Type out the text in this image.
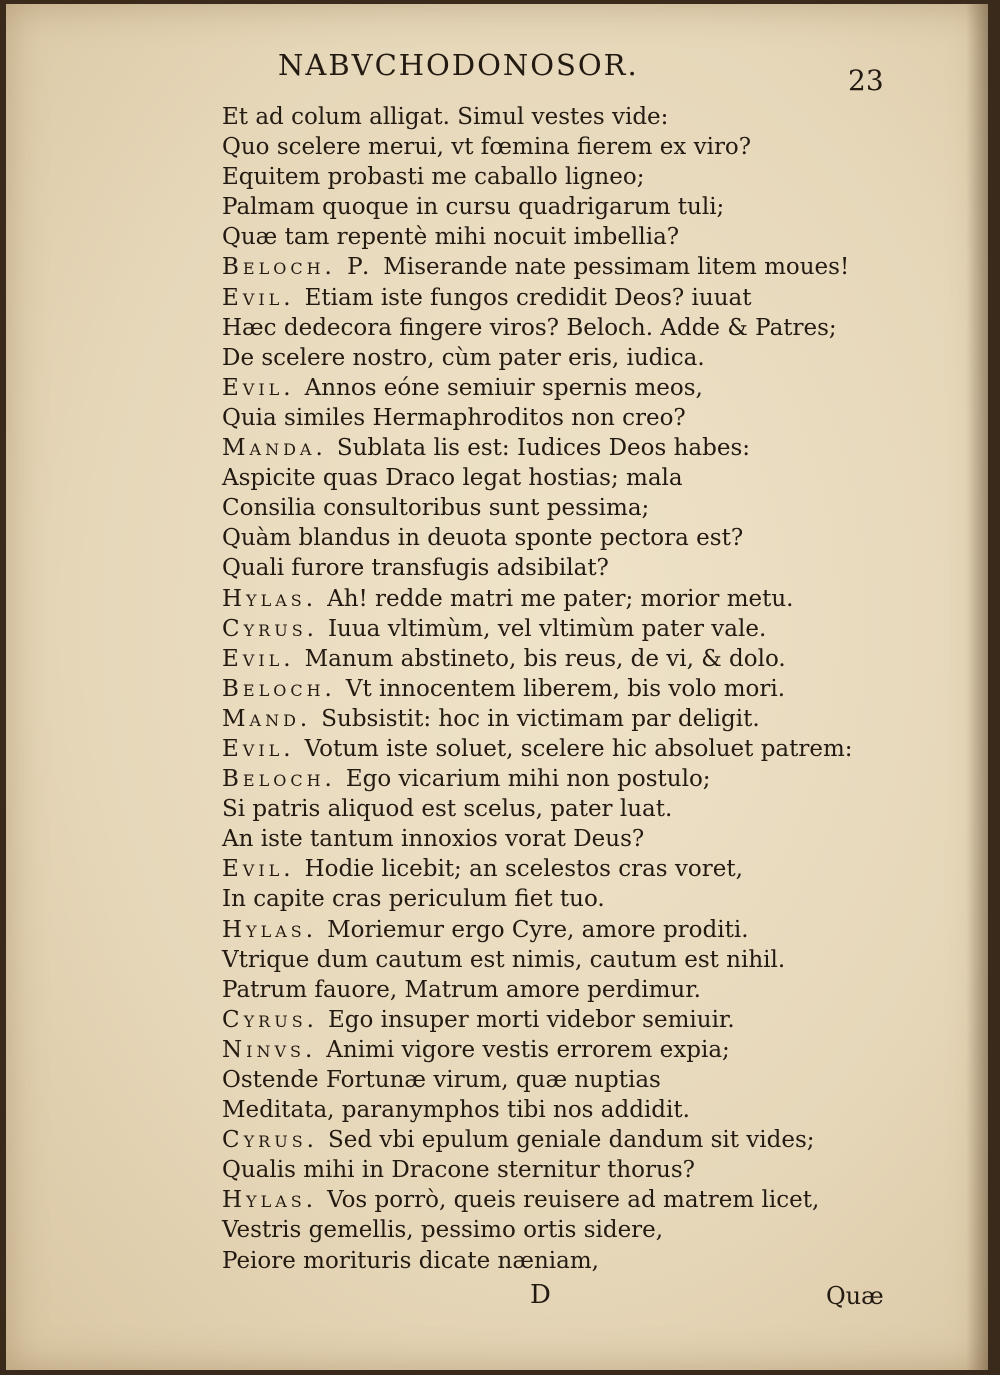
NABVCHODONOSOR.	23
Et ad colum alligat. Simul vestes vide:
Quo scelere merui, vt fœmina fierem ex viro?
Equitem probasti me caballo ligneo;
Palmam quoque in cursu quadrigarum tuli;
Quæ tam repentè mihi nocuit imbellia?
Beloch. P. Miserande nate pessimam litem moues!
Evil. Etiam iste fungos credidit Deos? iuuat
Hæc dedecora fingere viros? Beloch. Adde & Patres;
De scelere nostro, cùm pater eris, iudica.
Evil. Annos eóne semiuir spernis meos,
Quia similes Hermaphroditos non creo?
Manda. Sublata lis est: Iudices Deos habes:
Aspicite quas Draco legat hostias; mala
Consilia consultoribus sunt pessima;
Quàm blandus in deuota sponte pectora est?
Quali furore transfugis adsibilat?
Hylas. Ah! redde matri me pater; morior metu.
Cyrus. Iuua vltimùm, vel vltimùm pater vale.
Evil. Manum abstineto, bis reus, de vi, & dolo.
Beloch. Vt innocentem liberem, bis volo mori.
Mand. Subsistit: hoc in victimam par deligit.
Evil. Votum iste soluet, scelere hic absoluet patrem:
Beloch. Ego vicarium mihi non postulo;
Si patris aliquod est scelus, pater luat.
An iste tantum innoxios vorat Deus?
Evil. Hodie licebit; an scelestos cras voret,
In capite cras periculum fiet tuo.
Hylas. Moriemur ergo Cyre, amore proditi.
Vtrique dum cautum est nimis, cautum est nihil.
Patrum fauore, Matrum amore perdimur.
Cyrus. Ego insuper morti videbor semiuir.
Ninvs. Animi vigore vestis errorem expia;
Ostende Fortunæ virum, quæ nuptias
Meditata, paranymphos tibi nos addidit.
Cyrus. Sed vbi epulum geniale dandum sit vides;
Qualis mihi in Dracone sternitur thorus?
Hylas. Vos porrò, queis reuisere ad matrem licet,
Vestris gemellis, pessimo ortis sidere,
Peiore morituris dicate næniam,
D	Quæ
